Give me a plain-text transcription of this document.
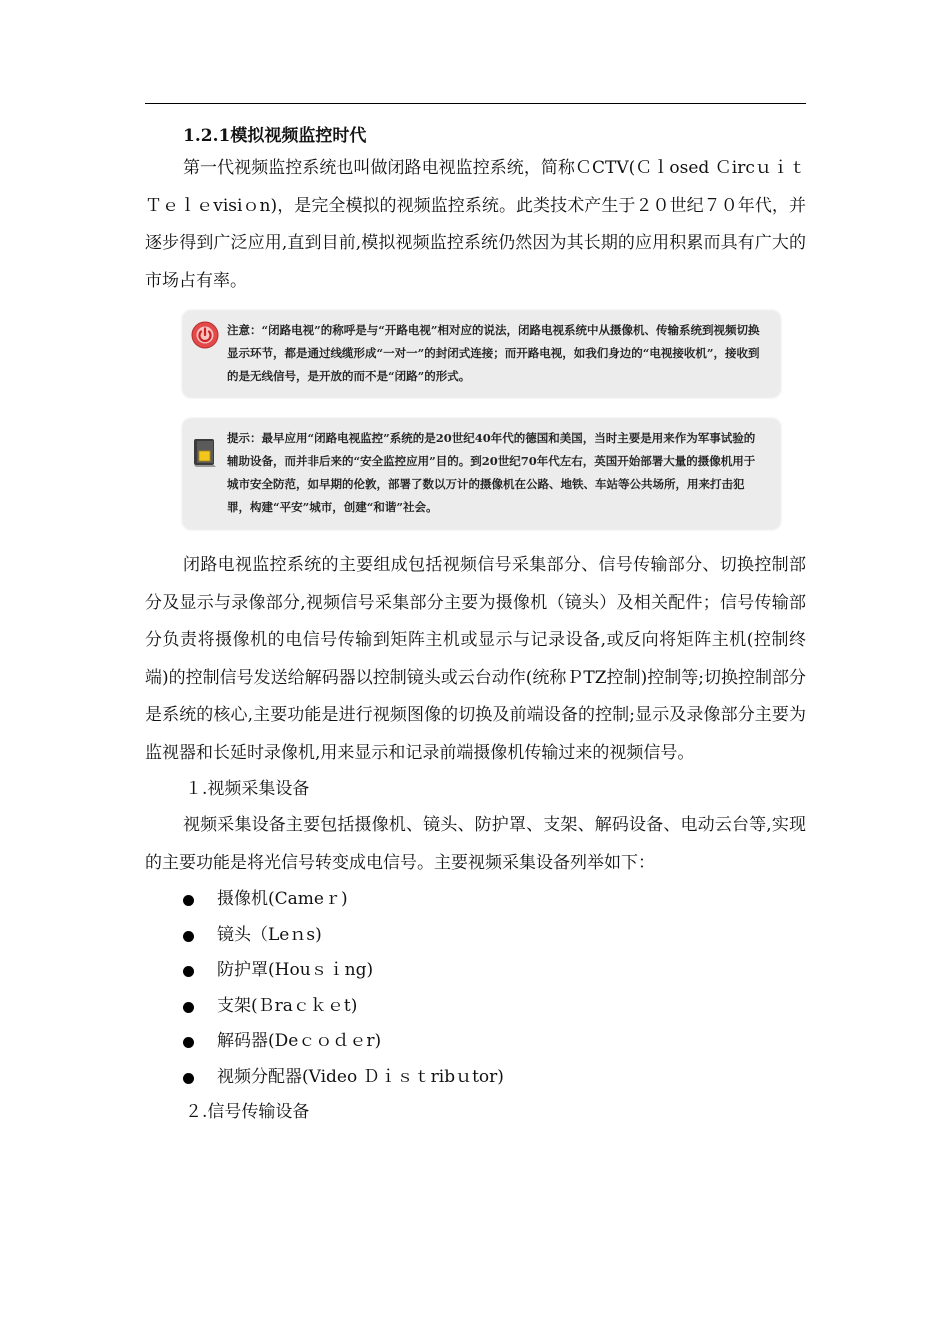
1.2.1模拟视频监控时代

第一代视频监控系统也叫做闭路电视监控系统，简称ＣCTV(Ｃｌosed Ｃircｕｉｔ Ｔｅｌｅvisiｏn)，是完全模拟的视频监控系统。此类技术产生于２０世纪７０年代，并逐步得到广泛应用,直到目前,模拟视频监控系统仍然因为其长期的应用积累而具有广大的市场占有率。

注意：“闭路电视”的称呼是与“开路电视”相对应的说法，闭路电视系统中从摄像机、传输系统到视频切换显示环节，都是通过线缆形成“一对一”的封闭式连接；而开路电视，如我们身边的“电视接收机”，接收到的是无线信号，是开放的而不是“闭路”的形式。
提示：最早应用“闭路电视监控”系统的是20世纪40年代的德国和美国，当时主要是用来作为军事试验的辅助设备，而并非后来的“安全监控应用”目的。到20世纪70年代左右，英国开始部署大量的摄像机用于城市安全防范，如早期的伦敦，部署了数以万计的摄像机在公路、地铁、车站等公共场所，用来打击犯罪，构建“平安”城市，创建“和谐”社会。

闭路电视监控系统的主要组成包括视频信号采集部分、信号传输部分、切换控制部分及显示与录像部分,视频信号采集部分主要为摄像机（镜头）及相关配件；信号传输部分负责将摄像机的电信号传输到矩阵主机或显示与记录设备,或反向将矩阵主机(控制终端)的控制信号发送给解码器以控制镜头或云台动作(统称ＰTZ控制)控制等;切换控制部分是系统的核心,主要功能是进行视频图像的切换及前端设备的控制;显示及录像部分主要为监视器和长延时录像机,用来显示和记录前端摄像机传输过来的视频信号。

１.视频采集设备

视频采集设备主要包括摄像机、镜头、防护罩、支架、解码设备、电动云台等,实现的主要功能是将光信号转变成电信号。主要视频采集设备列举如下：

摄像机(Cameｒ)
镜头（Leｎs)
防护罩(Houｓｉng)
支架(Ｂraｃｋｅt)
解码器(Deｃｏｄｅr)
视频分配器(Video Ｄｉｓｔribｕtor)
２.信号传输设备
